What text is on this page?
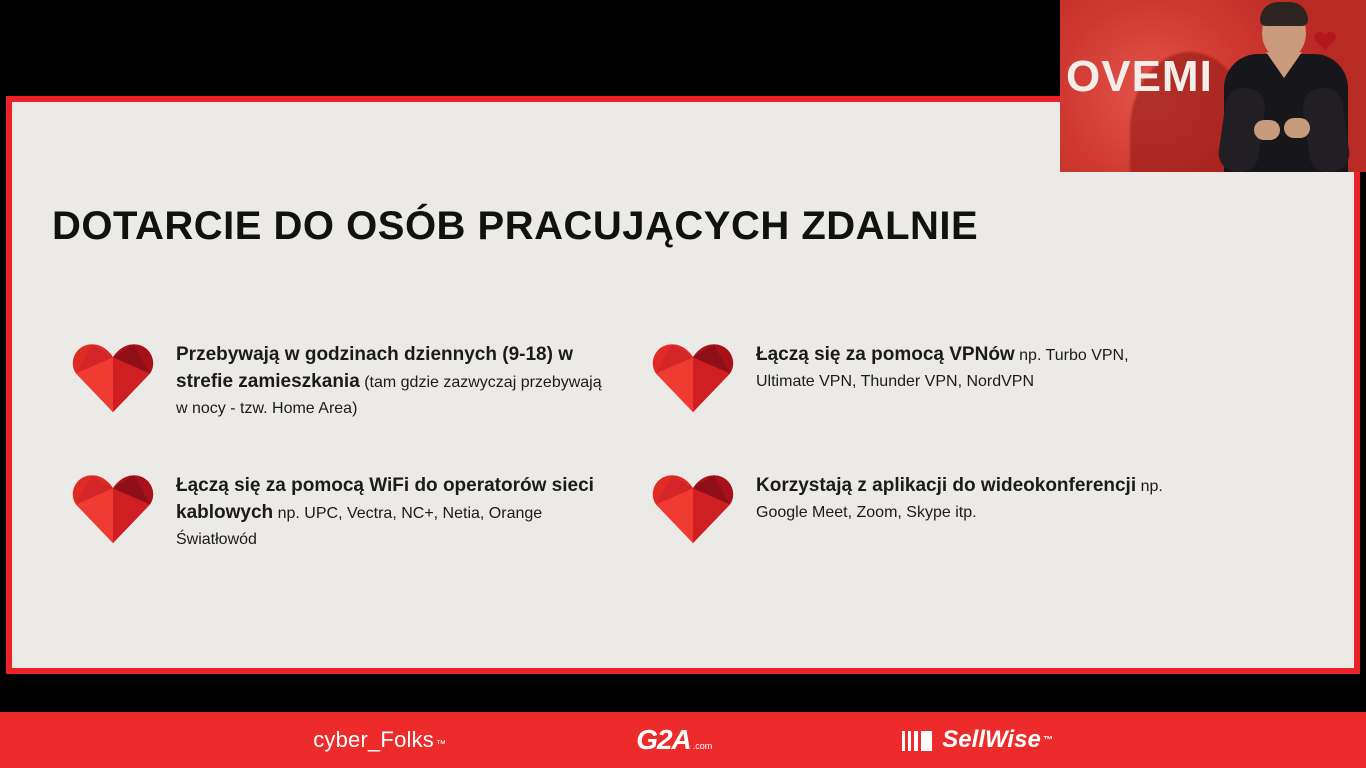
DOTARCIE DO OSÓB PRACUJĄCYCH ZDALNIE
Przebywają w godzinach dziennych (9-18) w strefie zamieszkania (tam gdzie zazwyczaj przebywają w nocy - tzw. Home Area)
Łączą się za pomocą VPNów np. Turbo VPN, Ultimate VPN, Thunder VPN, NordVPN
Łączą się za pomocą WiFi do operatorów sieci kablowych np. UPC, Vectra, NC+, Netia, Orange Światłowód
Korzystają z aplikacji do wideokonferencji np. Google Meet, Zoom, Skype itp.
OVEMI
cyber_Folks ™	G2A .com	SellWise ™
